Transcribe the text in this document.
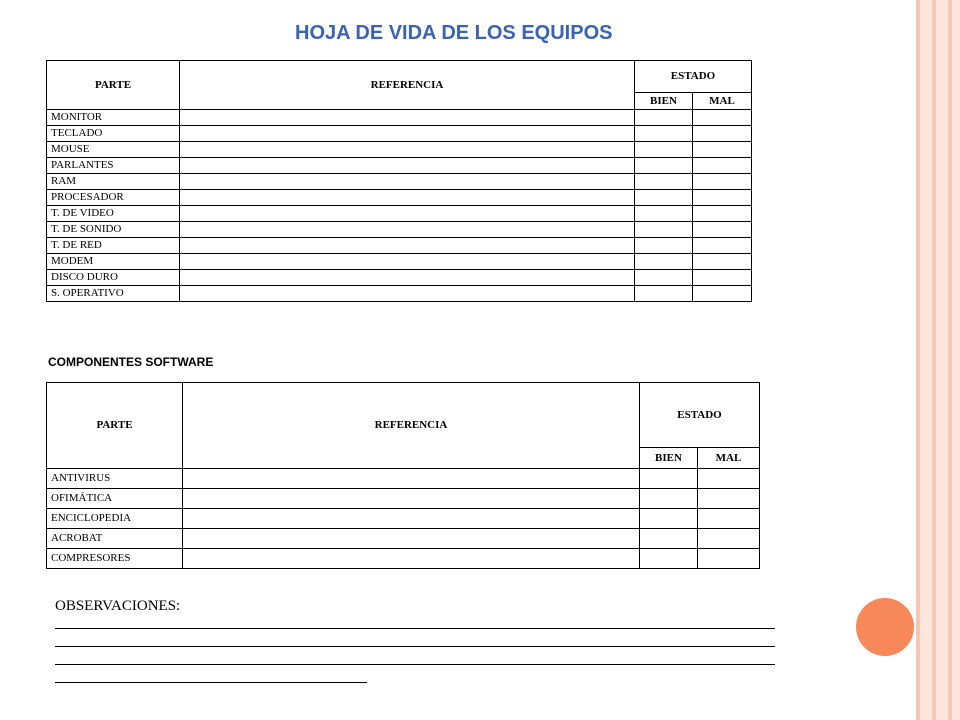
HOJA DE VIDA DE LOS EQUIPOS
PARTE	REFERENCIA	ESTADO	
		BIEN	MAL
MONITOR			
TECLADO			
MOUSE			
PARLANTES			
RAM			
PROCESADOR			
T. DE VIDEO			
T. DE SONIDO			
T. DE RED			
MODEM			
DISCO DURO			
S. OPERATIVO			
COMPONENTES SOFTWARE
PARTE	REFERENCIA	ESTADO	
		BIEN	MAL
ANTIVIRUS			
OFIMÁTICA			
ENCICLOPEDIA			
ACROBAT			
COMPRESORES			
OBSERVACIONES:
